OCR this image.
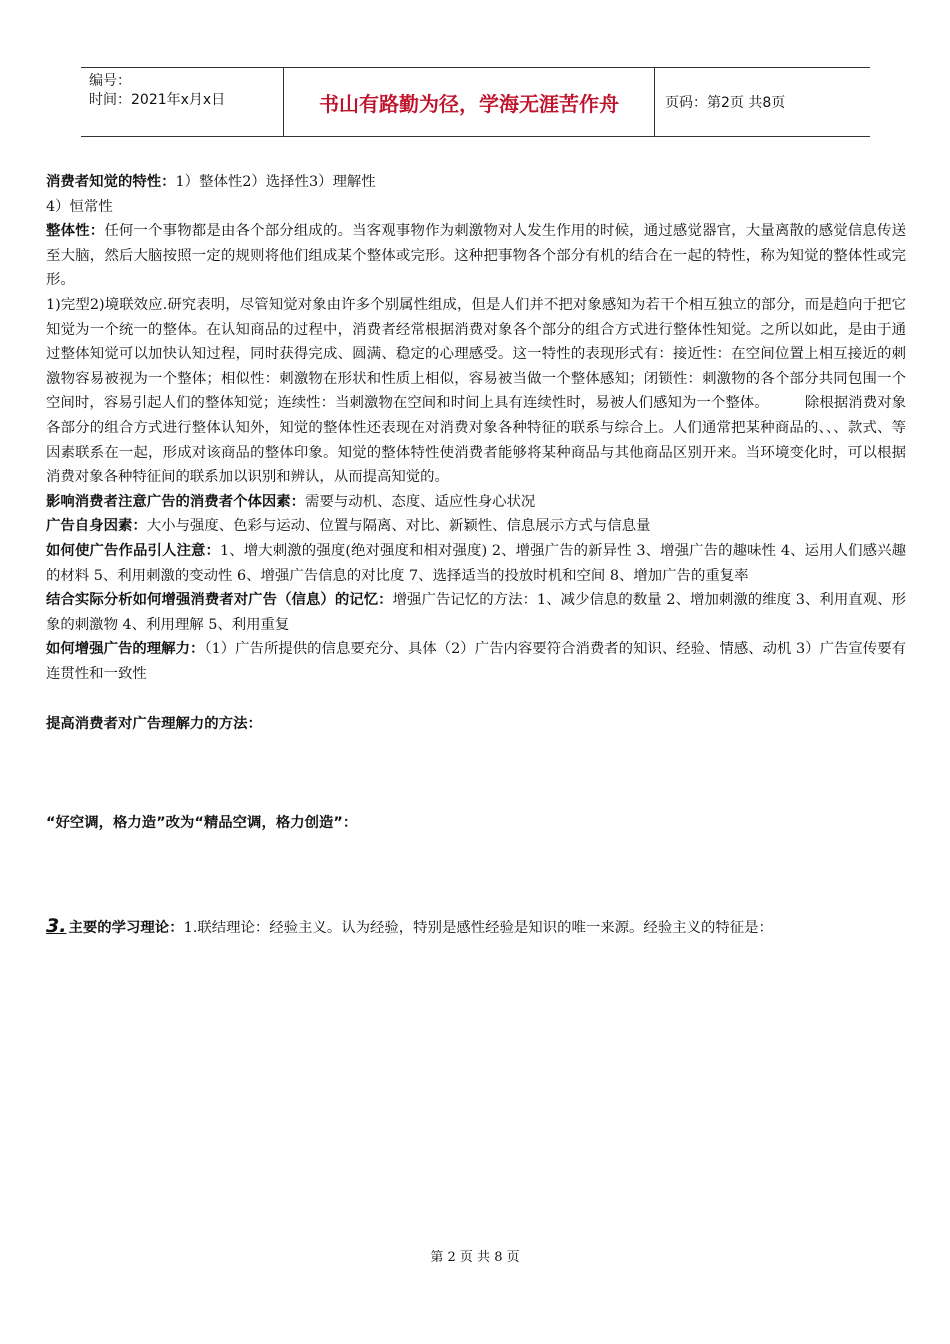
编号：
时间：2021年x月x日	书山有路勤为径，学海无涯苦作舟	页码：第2页 共8页

消费者知觉的特性：1）整体性2）选择性3）理解性

4）恒常性

整体性：任何一个事物都是由各个部分组成的。当客观事物作为刺激物对人发生作用的时候，通过感觉器官，大量离散的感觉信息传送至大脑，然后大脑按照一定的规则将他们组成某个整体或完形。这种把事物各个部分有机的结合在一起的特性，称为知觉的整体性或完形。

1)完型2)境联效应.研究表明，尽管知觉对象由许多个别属性组成，但是人们并不把对象感知为若干个相互独立的部分，而是趋向于把它知觉为一个统一的整体。在认知商品的过程中，消费者经常根据消费对象各个部分的组合方式进行整体性知觉。之所以如此，是由于通过整体知觉可以加快认知过程，同时获得完成、圆满、稳定的心理感受。这一特性的表现形式有：接近性：在空间位置上相互接近的刺激物容易被视为一个整体；相似性：刺激物在形状和性质上相似，容易被当做一个整体感知；闭锁性：刺激物的各个部分共同包围一个空间时，容易引起人们的整体知觉；连续性：当刺激物在空间和时间上具有连续性时，易被人们感知为一个整体。　　　除根据消费对象各部分的组合方式进行整体认知外，知觉的整体性还表现在对消费对象各种特征的联系与综合上。人们通常把某种商品的、、、款式、等因素联系在一起，形成对该商品的整体印象。知觉的整体特性使消费者能够将某种商品与其他商品区别开来。当环境变化时，可以根据消费对象各种特征间的联系加以识别和辨认，从而提高知觉的。

影响消费者注意广告的消费者个体因素：需要与动机、态度、适应性身心状况

广告自身因素：大小与强度、色彩与运动、位置与隔离、对比、新颖性、信息展示方式与信息量

如何使广告作品引人注意：1、增大刺激的强度(绝对强度和相对强度) 2、增强广告的新异性 3、增强广告的趣味性 4、运用人们感兴趣的材料 5、利用刺激的变动性 6、增强广告信息的对比度 7、选择适当的投放时机和空间 8、增加广告的重复率

结合实际分析如何增强消费者对广告（信息）的记忆：增强广告记忆的方法：1、减少信息的数量 2、增加刺激的维度 3、利用直观、形象的刺激物 4、利用理解 5、利用重复

如何增强广告的理解力：（1）广告所提供的信息要充分、具体（2）广告内容要符合消费者的知识、经验、情感、动机 3）广告宣传要有连贯性和一致性

提高消费者对广告理解力的方法：

“好空调，格力造”改为“精品空调，格力创造”：

3. 主要的学习理论：1.联结理论：经验主义。认为经验，特别是感性经验是知识的唯一来源。经验主义的特征是：

第 2 页 共 8 页
